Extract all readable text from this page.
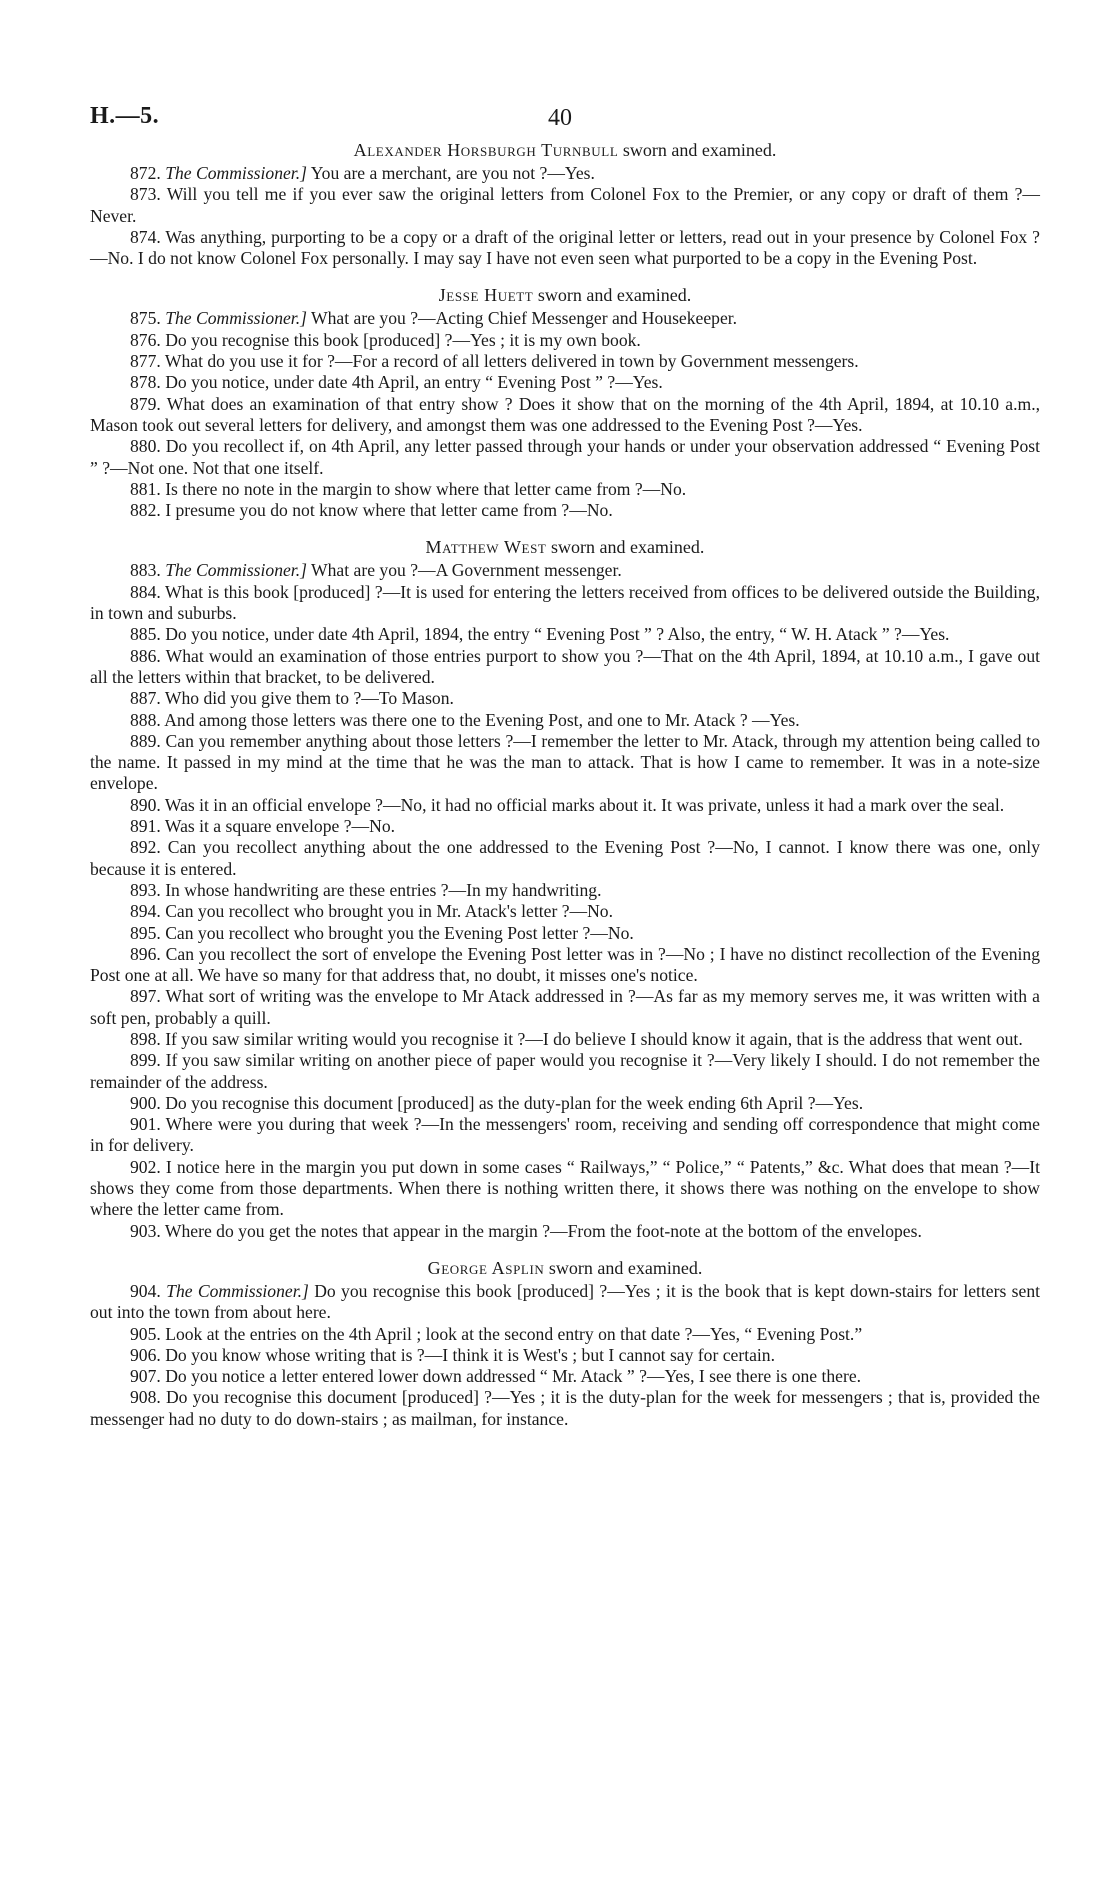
H.—5.	40
Alexander Horsburgh Turnbull sworn and examined.

872. The Commissioner.] You are a merchant, are you not ?—Yes.

873. Will you tell me if you ever saw the original letters from Colonel Fox to the Premier, or any copy or draft of them ?—Never.

874. Was anything, purporting to be a copy or a draft of the original letter or letters, read out in your presence by Colonel Fox ?—No. I do not know Colonel Fox personally. I may say I have not even seen what purported to be a copy in the Evening Post.

Jesse Huett sworn and examined.

875. The Commissioner.] What are you ?—Acting Chief Messenger and Housekeeper.

876. Do you recognise this book [produced] ?—Yes ; it is my own book.

877. What do you use it for ?—For a record of all letters delivered in town by Government messengers.

878. Do you notice, under date 4th April, an entry “ Evening Post ” ?—Yes.

879. What does an examination of that entry show ? Does it show that on the morning of the 4th April, 1894, at 10.10 a.m., Mason took out several letters for delivery, and amongst them was one addressed to the Evening Post ?—Yes.

880. Do you recollect if, on 4th April, any letter passed through your hands or under your observation addressed “ Evening Post ” ?—Not one. Not that one itself.

881. Is there no note in the margin to show where that letter came from ?—No.

882. I presume you do not know where that letter came from ?—No.

Matthew West sworn and examined.

883. The Commissioner.] What are you ?—A Government messenger.

884. What is this book [produced] ?—It is used for entering the letters received from offices to be delivered outside the Building, in town and suburbs.

885. Do you notice, under date 4th April, 1894, the entry “ Evening Post ” ? Also, the entry, “ W. H. Atack ” ?—Yes.

886. What would an examination of those entries purport to show you ?—That on the 4th April, 1894, at 10.10 a.m., I gave out all the letters within that bracket, to be delivered.

887. Who did you give them to ?—To Mason.

888. And among those letters was there one to the Evening Post, and one to Mr. Atack ? —Yes.

889. Can you remember anything about those letters ?—I remember the letter to Mr. Atack, through my attention being called to the name. It passed in my mind at the time that he was the man to attack. That is how I came to remember. It was in a note-size envelope.

890. Was it in an official envelope ?—No, it had no official marks about it. It was private, unless it had a mark over the seal.

891. Was it a square envelope ?—No.

892. Can you recollect anything about the one addressed to the Evening Post ?—No, I cannot. I know there was one, only because it is entered.

893. In whose handwriting are these entries ?—In my handwriting.

894. Can you recollect who brought you in Mr. Atack's letter ?—No.

895. Can you recollect who brought you the Evening Post letter ?—No.

896. Can you recollect the sort of envelope the Evening Post letter was in ?—No ; I have no distinct recollection of the Evening Post one at all. We have so many for that address that, no doubt, it misses one's notice.

897. What sort of writing was the envelope to Mr Atack addressed in ?—As far as my memory serves me, it was written with a soft pen, probably a quill.

898. If you saw similar writing would you recognise it ?—I do believe I should know it again, that is the address that went out.

899. If you saw similar writing on another piece of paper would you recognise it ?—Very likely I should. I do not remember the remainder of the address.

900. Do you recognise this document [produced] as the duty-plan for the week ending 6th April ?—Yes.

901. Where were you during that week ?—In the messengers' room, receiving and sending off correspondence that might come in for delivery.

902. I notice here in the margin you put down in some cases “ Railways,” “ Police,” “ Patents,” &c. What does that mean ?—It shows they come from those departments. When there is nothing written there, it shows there was nothing on the envelope to show where the letter came from.

903. Where do you get the notes that appear in the margin ?—From the foot-note at the bottom of the envelopes.

George Asplin sworn and examined.

904. The Commissioner.] Do you recognise this book [produced] ?—Yes ; it is the book that is kept down-stairs for letters sent out into the town from about here.

905. Look at the entries on the 4th April ; look at the second entry on that date ?—Yes, “ Evening Post.”

906. Do you know whose writing that is ?—I think it is West's ; but I cannot say for certain.

907. Do you notice a letter entered lower down addressed “ Mr. Atack ” ?—Yes, I see there is one there.

908. Do you recognise this document [produced] ?—Yes ; it is the duty-plan for the week for messengers ; that is, provided the messenger had no duty to do down-stairs ; as mailman, for instance.
